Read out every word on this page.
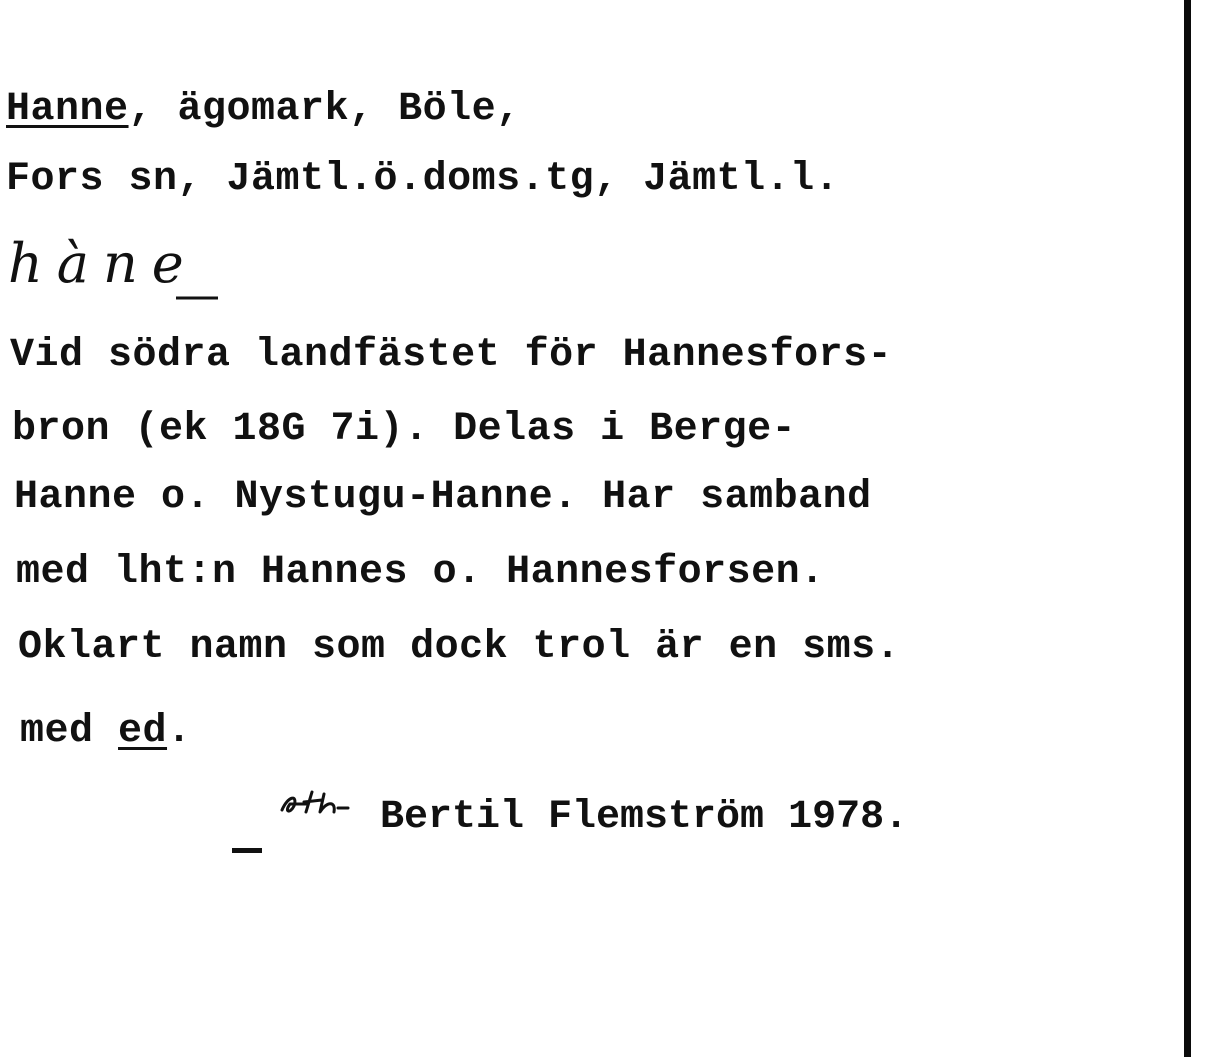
Hanne, ägomark, Böle,
Fors sn, Jämtl.ö.doms.tg, Jämtl.l.
hàne
Vid södra landfästet för Hannesfors-
bron (ek 18G 7i). Delas i Berge-
Hanne o. Nystugu-Hanne. Har samband
med lht:n Hannes o. Hannesforsen.
Oklart namn som dock trol är en sms.
med ed.
Bertil Flemström 1978.
